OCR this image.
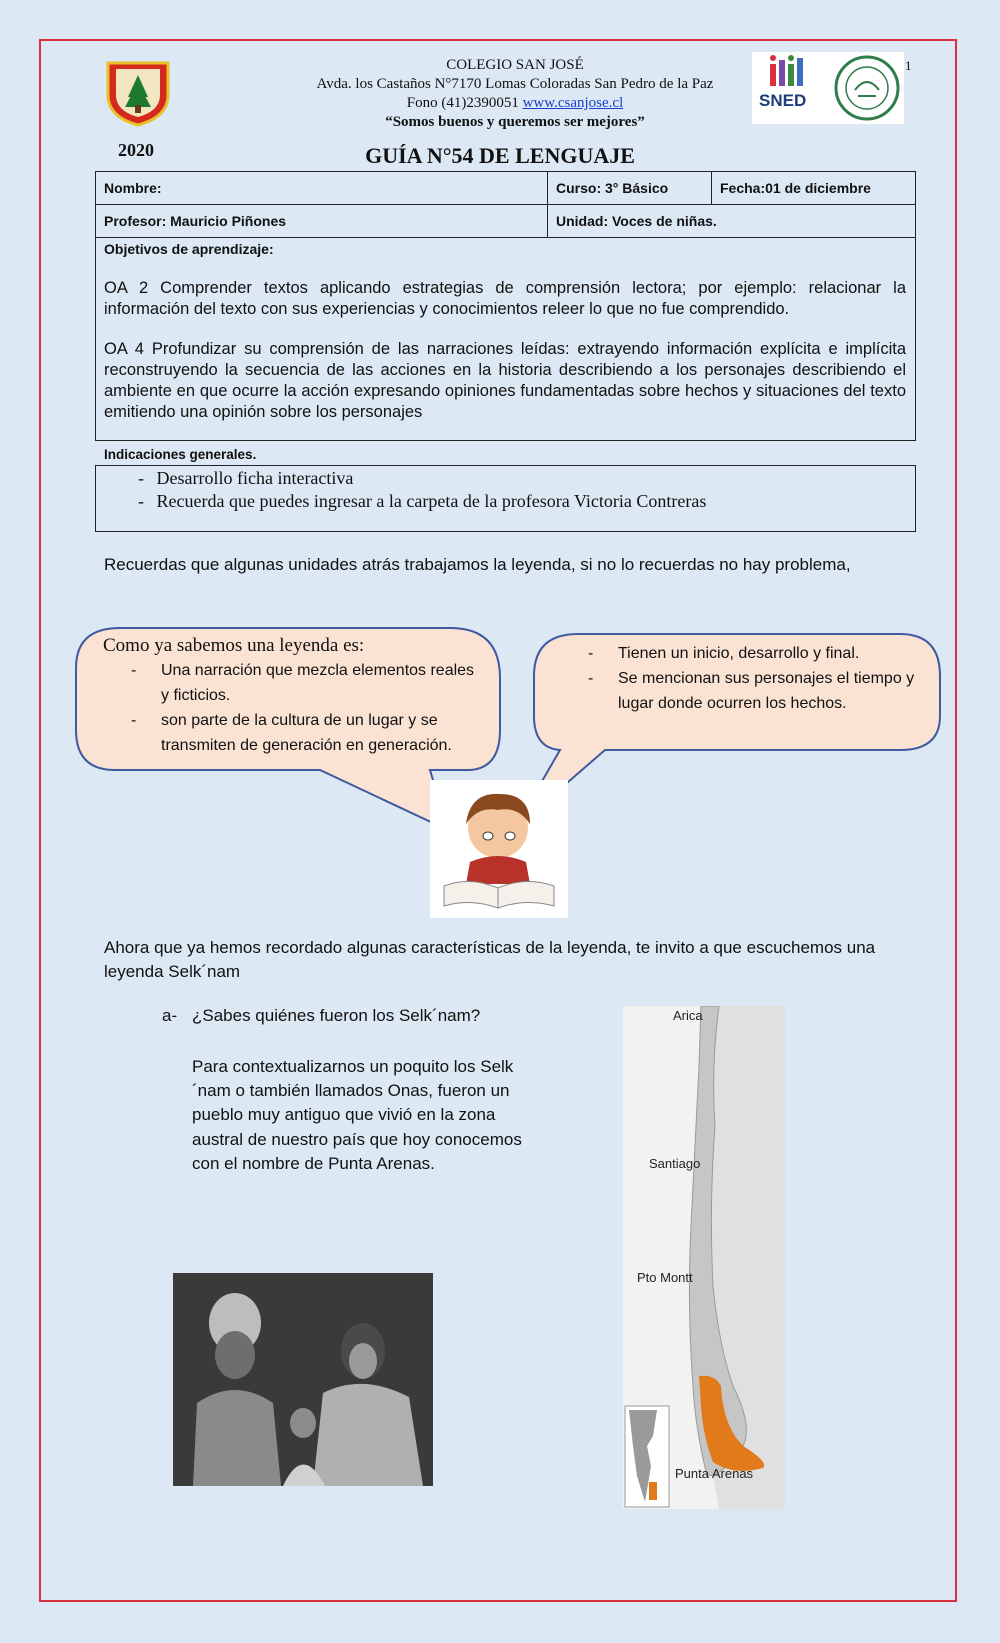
1
COLEGIO SAN JOSÉ
Avda. los Castaños N°7170 Lomas Coloradas San Pedro de la Paz
Fono (41)2390051 www.csanjose.cl
“Somos buenos y queremos ser mejores”
SNED
2020	GUÍA N°54 DE LENGUAJE
Nombre:	Curso: 3° Básico	Fecha:01 de diciembre
Profesor: Mauricio Piñones	Unidad: Voces de niñas.	
Objetivos de aprendizaje:
OA 2 Comprender textos aplicando estrategias de comprensión lectora; por ejemplo: relacionar la información del texto con sus experiencias y conocimientos releer lo que no fue comprendido.
OA 4 Profundizar su comprensión de las narraciones leídas: extrayendo información explícita e implícita reconstruyendo la secuencia de las acciones en la historia describiendo a los personajes describiendo el ambiente en que ocurre la acción expresando opiniones fundamentadas sobre hechos y situaciones del texto emitiendo una opinión sobre los personajes
Indicaciones generales.
- Desarrollo ficha interactiva
- Recuerda que puedes ingresar a la carpeta de la profesora Victoria Contreras
Recuerdas que algunas unidades atrás trabajamos la leyenda, si no lo recuerdas no hay problema,
Como ya sabemos una leyenda es:
- Una narración que mezcla elementos reales y ficticios.
- son parte de la cultura de un lugar y se transmiten de generación en generación.
- Tienen un inicio, desarrollo y final.
- Se mencionan sus personajes el tiempo y lugar donde ocurren los hechos.
Ahora que ya hemos recordado algunas características de la leyenda, te invito a que escuchemos una leyenda Selk´nam
a- ¿Sabes quiénes fueron los Selk´nam?
Para contextualizarnos un poquito los Selk´nam o también llamados Onas, fueron un pueblo muy antiguo que vivió en la zona austral de nuestro país que hoy conocemos con el nombre de Punta Arenas.
Arica
Santiago
Pto Montt
Punta Arenas
